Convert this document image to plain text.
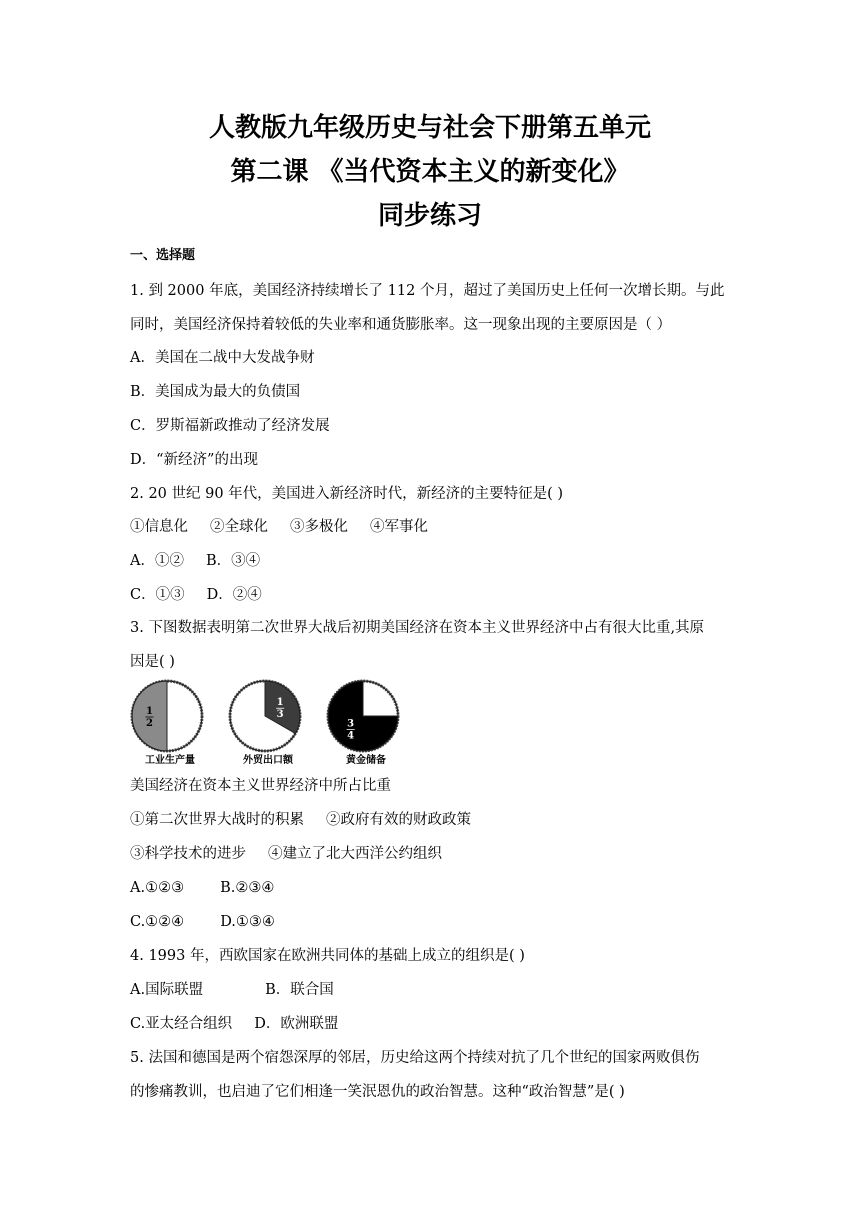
人教版九年级历史与社会下册第五单元
第二课 《当代资本主义的新变化》
同步练习
一、选择题
1. 到 2000 年底，美国经济持续增长了 112 个月，超过了美国历史上任何一次增长期。与此
同时，美国经济保持着较低的失业率和通货膨胀率。这一现象出现的主要原因是（ ）
A．美国在二战中大发战争财
B．美国成为最大的负债国
C．罗斯福新政推动了经济发展
D．“新经济”的出现
2. 20 世纪 90 年代，美国进入新经济时代，新经济的主要特征是( )
①信息化 ②全球化 ③多极化 ④军事化
A．①② B．③④
C．①③ D．②④
3. 下图数据表明第二次世界大战后初期美国经济在资本主义世界经济中占有很大比重,其原
因是( )
1
2
1
3
3
4
工业生产量	外贸出口额	黄金储备
美国经济在资本主义世界经济中所占比重
①第二次世界大战时的积累 ②政府有效的财政政策
③科学技术的进步 ④建立了北大西洋公约组织
A.①②③ B.②③④
C.①②④ D.①③④
4. 1993 年，西欧国家在欧洲共同体的基础上成立的组织是( )
A.国际联盟	B．联合国
C.亚太经合组织 D．欧洲联盟
5. 法国和德国是两个宿怨深厚的邻居，历史给这两个持续对抗了几个世纪的国家两败俱伤
的惨痛教训，也启迪了它们相逢一笑泯恩仇的政治智慧。这种“政治智慧”是( )
